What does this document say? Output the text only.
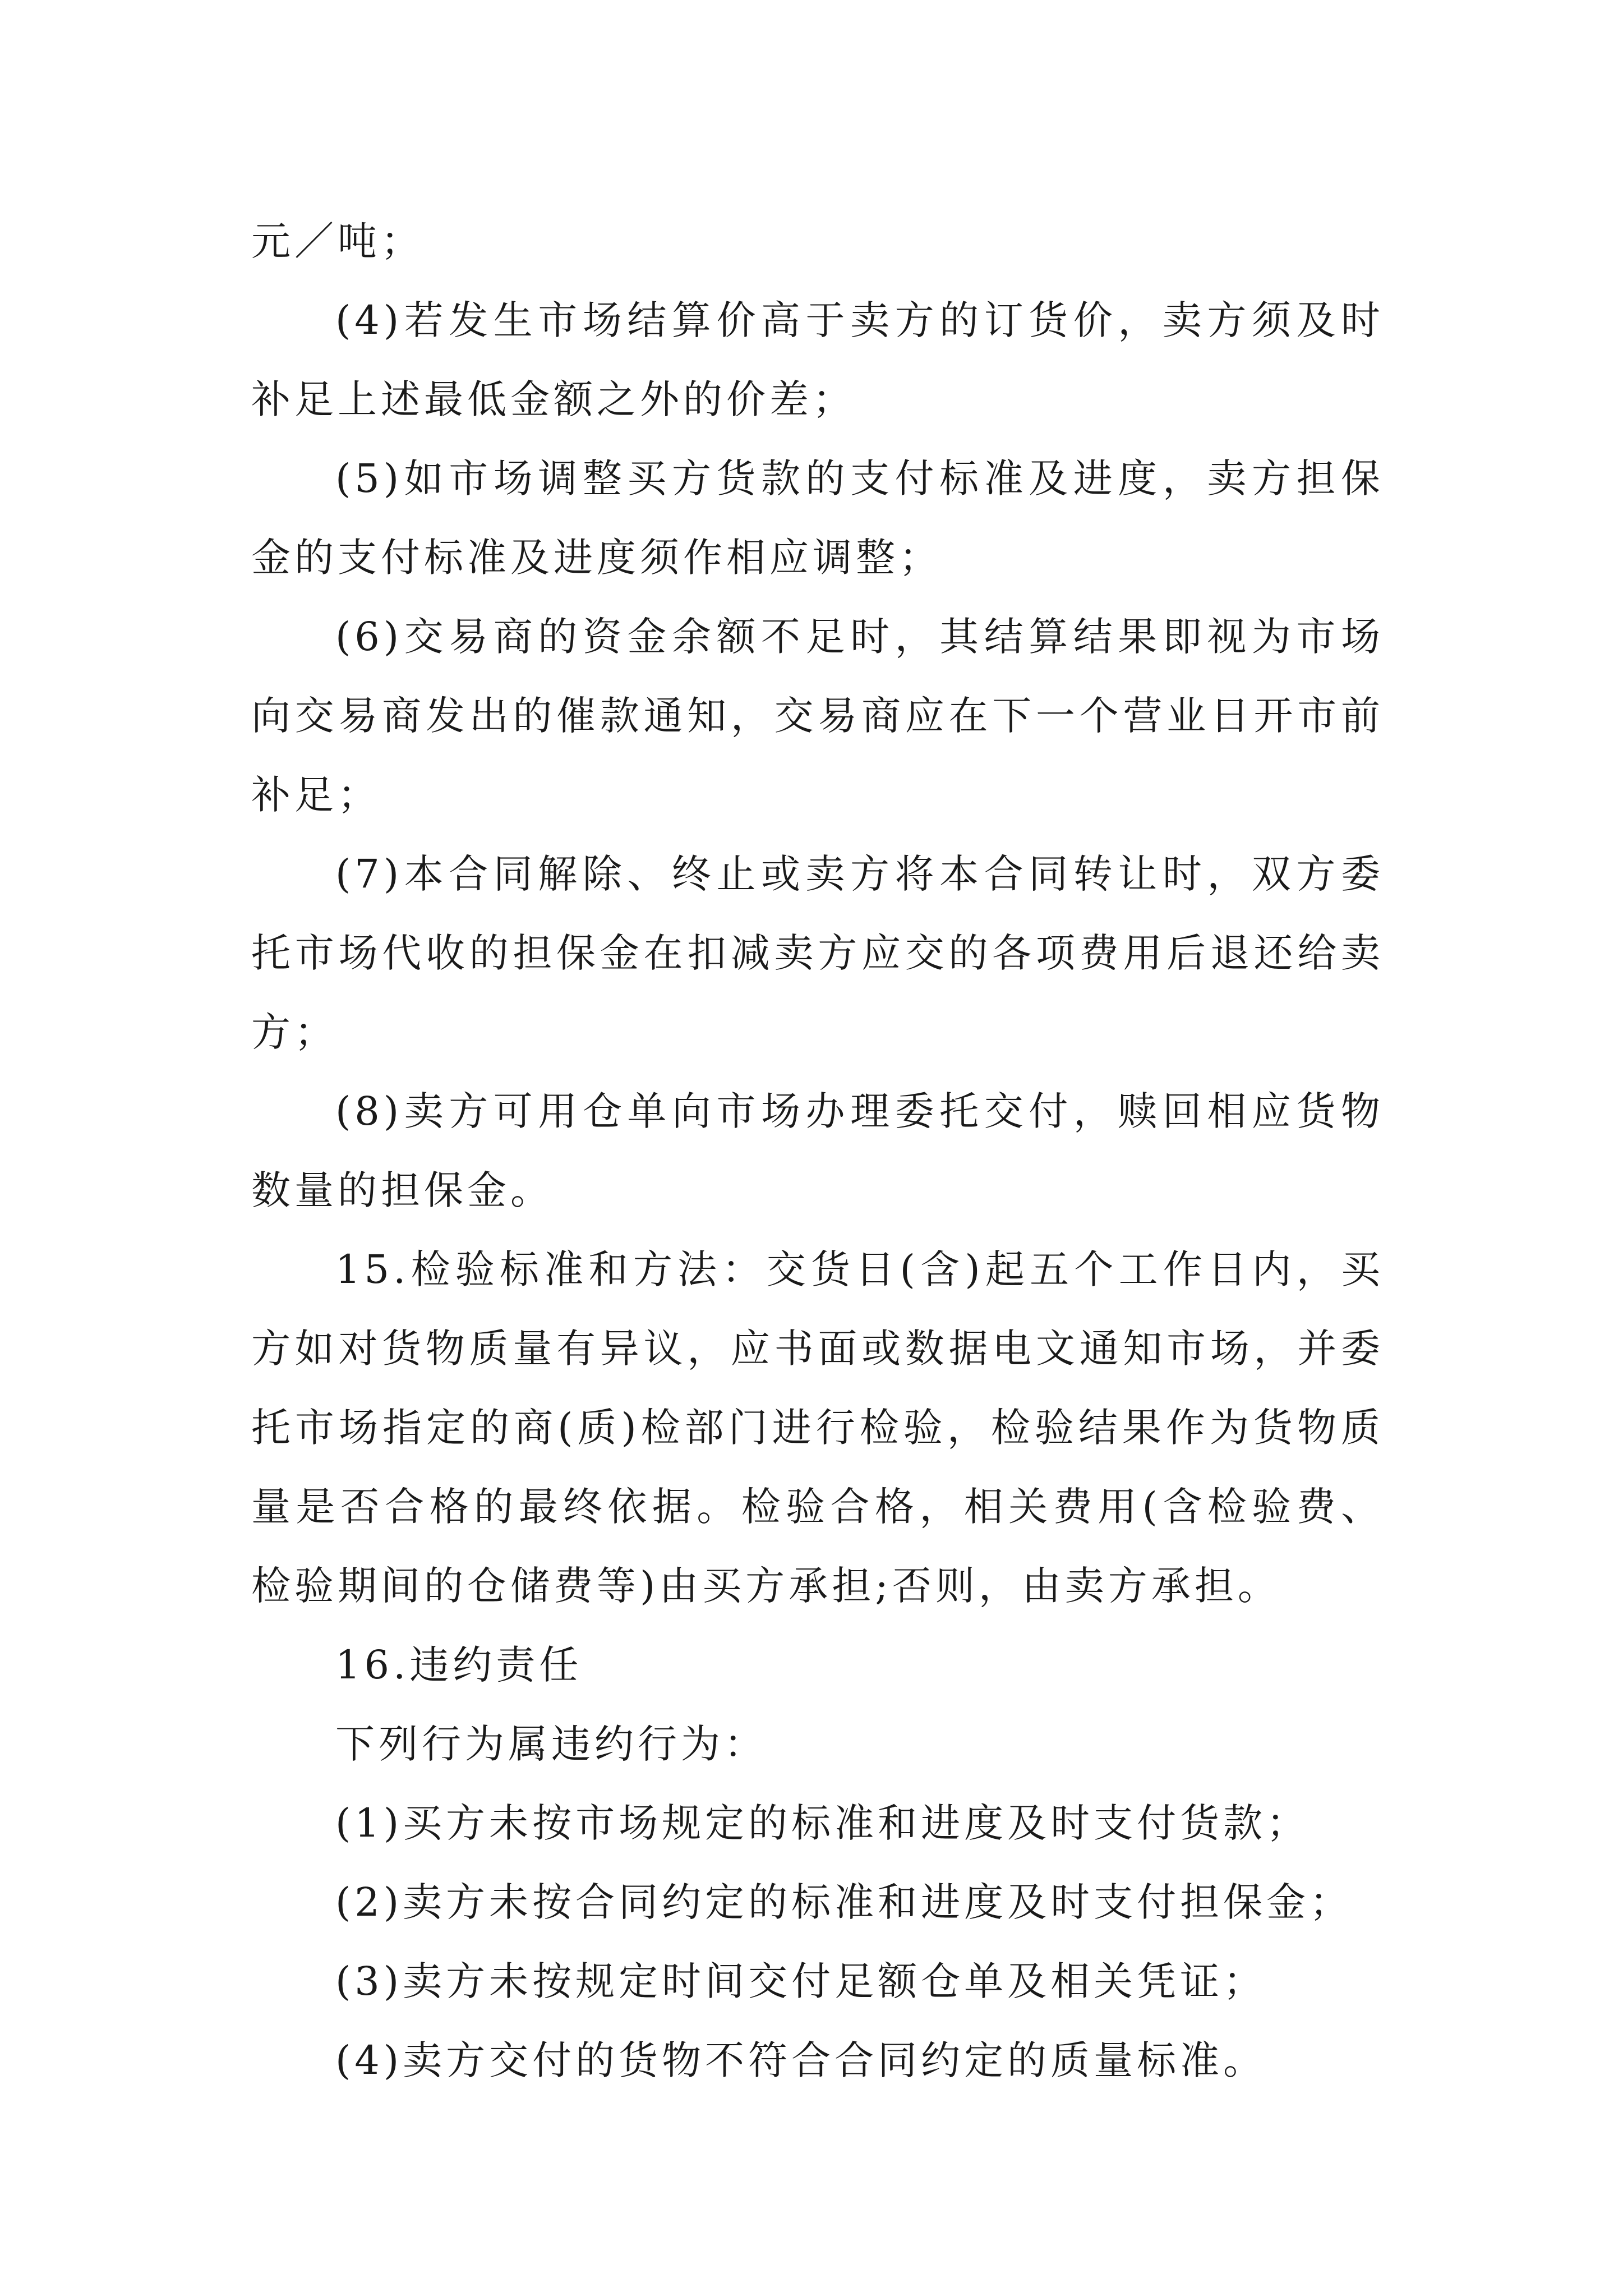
元／吨；

(4)若发生市场结算价高于卖方的订货价，卖方须及时补足上述最低金额之外的价差；

(5)如市场调整买方货款的支付标准及进度，卖方担保金的支付标准及进度须作相应调整；

(6)交易商的资金余额不足时，其结算结果即视为市场向交易商发出的催款通知，交易商应在下一个营业日开市前补足；

(7)本合同解除、终止或卖方将本合同转让时，双方委托市场代收的担保金在扣减卖方应交的各项费用后退还给卖方；

(8)卖方可用仓单向市场办理委托交付，赎回相应货物数量的担保金。

15.检验标准和方法：交货日(含)起五个工作日内，买方如对货物质量有异议，应书面或数据电文通知市场，并委托市场指定的商(质)检部门进行检验，检验结果作为货物质量是否合格的最终依据。检验合格，相关费用(含检验费、检验期间的仓储费等)由买方承担;否则，由卖方承担。

16.违约责任

下列行为属违约行为：

(1)买方未按市场规定的标准和进度及时支付货款；

(2)卖方未按合同约定的标准和进度及时支付担保金；

(3)卖方未按规定时间交付足额仓单及相关凭证；

(4)卖方交付的货物不符合合同约定的质量标准。
